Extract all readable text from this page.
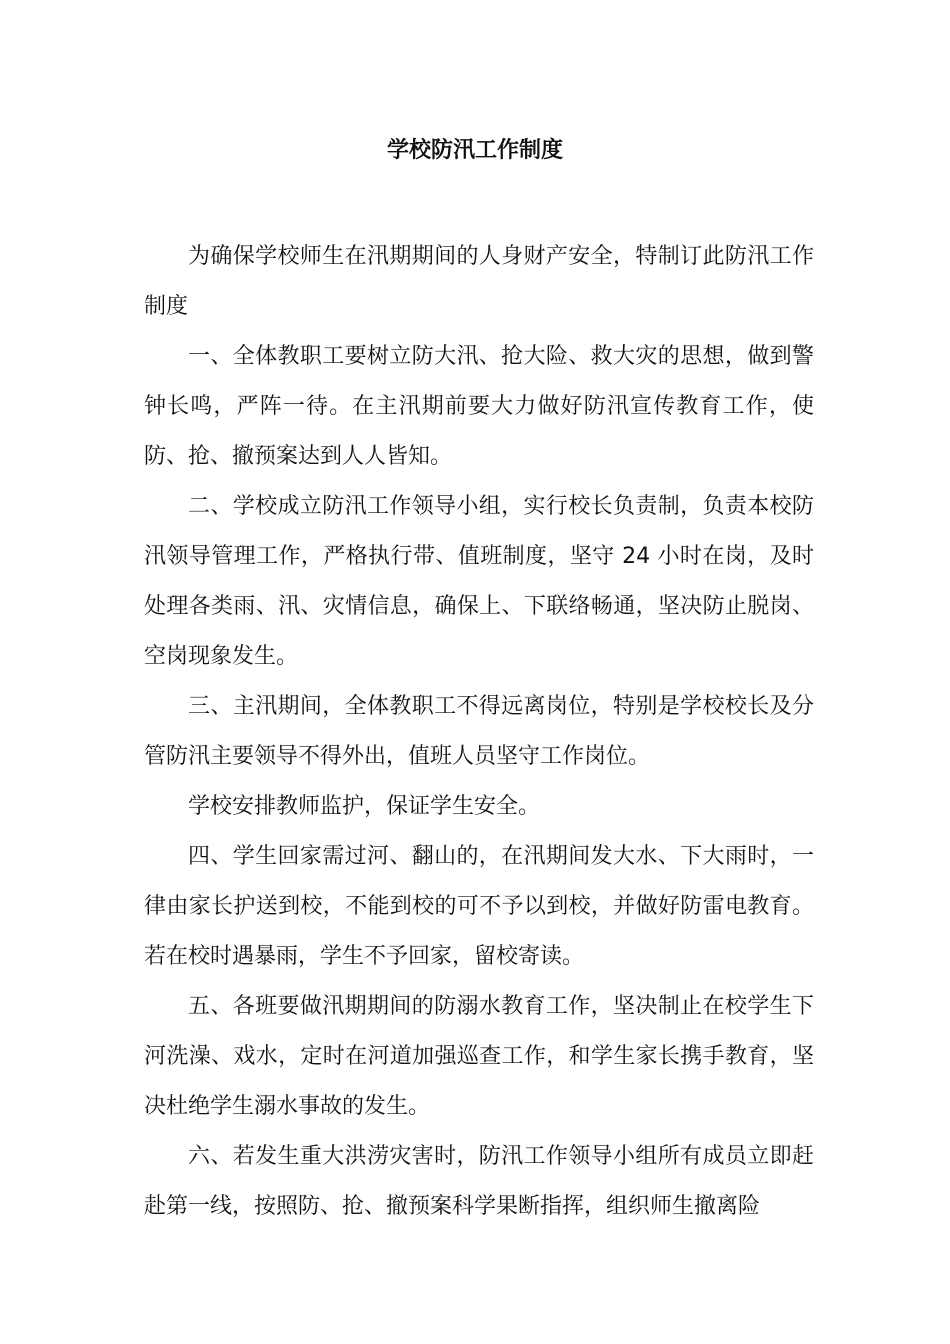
学校防汛工作制度

为确保学校师生在汛期期间的人身财产安全，特制订此防汛工作制度

一、全体教职工要树立防大汛、抢大险、救大灾的思想，做到警钟长鸣，严阵一待。在主汛期前要大力做好防汛宣传教育工作，使防、抢、撤预案达到人人皆知。

二、学校成立防汛工作领导小组，实行校长负责制，负责本校防汛领导管理工作，严格执行带、值班制度，坚守 24 小时在岗，及时处理各类雨、汛、灾情信息，确保上、下联络畅通，坚决防止脱岗、空岗现象发生。

三、主汛期间，全体教职工不得远离岗位，特别是学校校长及分管防汛主要领导不得外出，值班人员坚守工作岗位。

学校安排教师监护，保证学生安全。

四、学生回家需过河、翻山的，在汛期间发大水、下大雨时，一律由家长护送到校，不能到校的可不予以到校，并做好防雷电教育。若在校时遇暴雨，学生不予回家，留校寄读。

五、各班要做汛期期间的防溺水教育工作，坚决制止在校学生下河洗澡、戏水，定时在河道加强巡查工作，和学生家长携手教育，坚决杜绝学生溺水事故的发生。

六、若发生重大洪涝灾害时，防汛工作领导小组所有成员立即赶赴第一线，按照防、抢、撤预案科学果断指挥，组织师生撤离险
